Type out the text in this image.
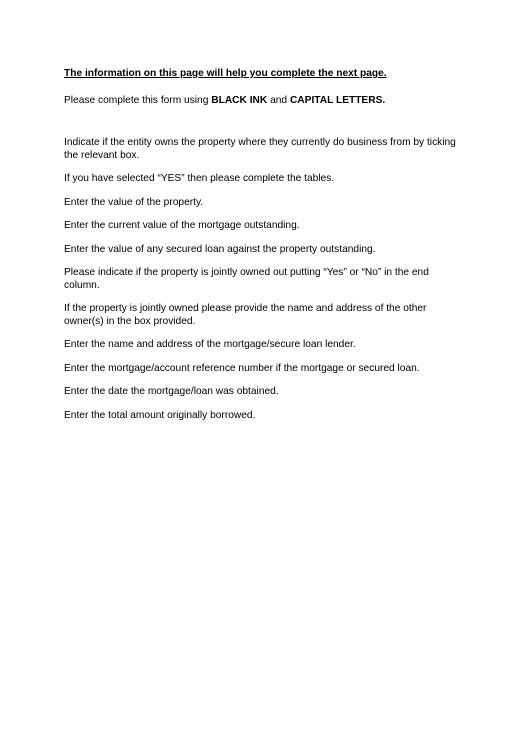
The information on this page will help you complete the next page.

Please complete this form using BLACK INK and CAPITAL LETTERS.

Indicate if the entity owns the property where they currently do business from by ticking the relevant box.

If you have selected “YES” then please complete the tables.

Enter the value of the property.

Enter the current value of the mortgage outstanding.

Enter the value of any secured loan against the property outstanding.

Please indicate if the property is jointly owned out putting “Yes” or “No” in the end column.

If the property is jointly owned please provide the name and address of the other owner(s) in the box provided.

Enter the name and address of the mortgage/secure loan lender.

Enter the mortgage/account reference number if the mortgage or secured loan.

Enter the date the mortgage/loan was obtained.

Enter the total amount originally borrowed.
